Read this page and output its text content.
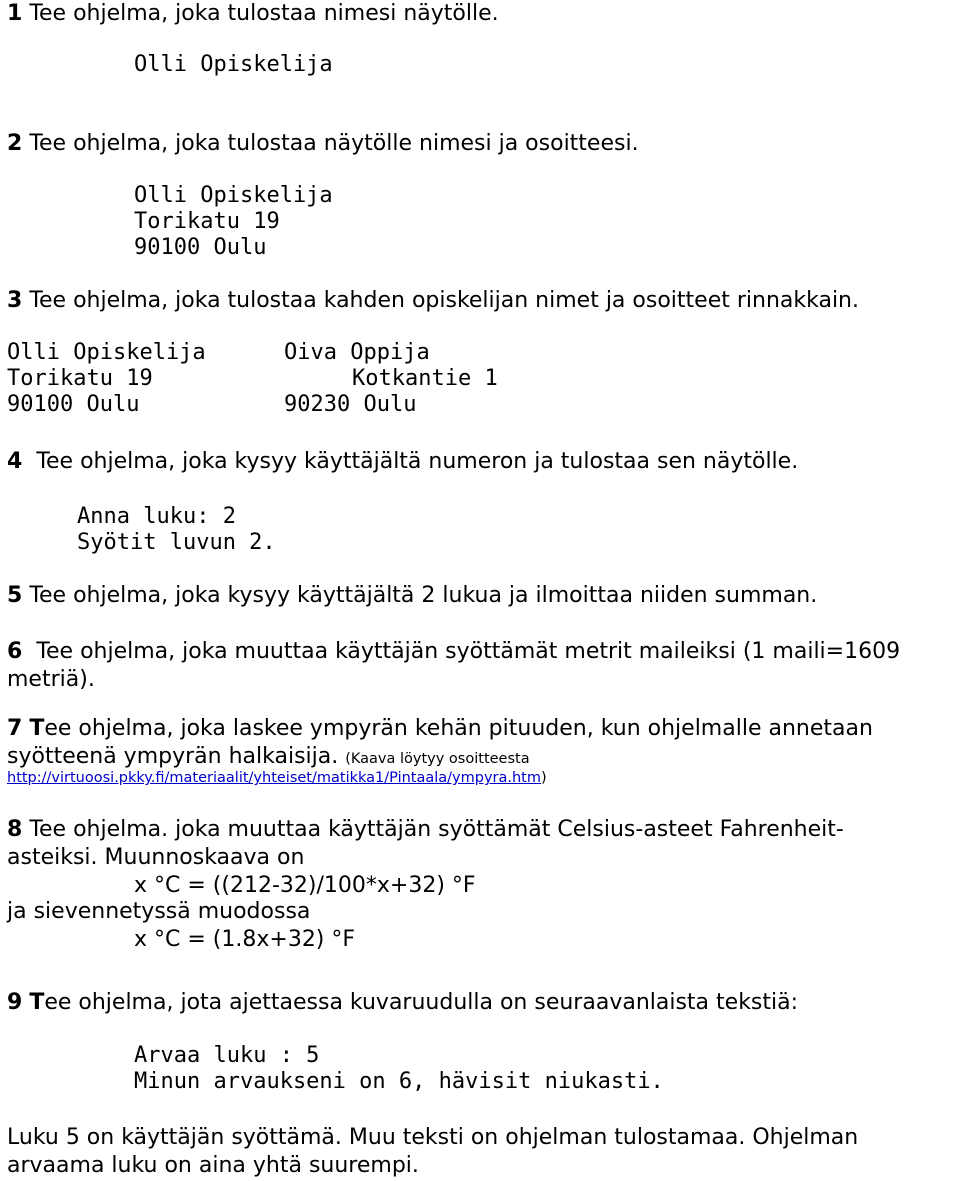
1 Tee ohjelma, joka tulostaa nimesi näytölle.

Olli Opiskelija

2 Tee ohjelma, joka tulostaa näytölle nimesi ja osoitteesi.

Olli Opiskelija

Torikatu 19

90100 Oulu

3 Tee ohjelma, joka tulostaa kahden opiskelijan nimet ja osoitteet rinnakkain.

Olli Opiskelija

Torikatu 19

90100 Oulu

Oiva Oppija

Kotkantie 1

90230 Oulu

4 Tee ohjelma, joka kysyy käyttäjältä numeron ja tulostaa sen näytölle.

Anna luku: 2

Syötit luvun 2.

5 Tee ohjelma, joka kysyy käyttäjältä 2 lukua ja ilmoittaa niiden summan.

6 Tee ohjelma, joka muuttaa käyttäjän syöttämät metrit maileiksi (1 maili=1609

metriä).

7 Tee ohjelma, joka laskee ympyrän kehän pituuden, kun ohjelmalle annetaan

syötteenä ympyrän halkaisija. (Kaava löytyy osoitteesta

http://virtuoosi.pkky.fi/materiaalit/yhteiset/matikka1/Pintaala/ympyra.htm)

8 Tee ohjelma. joka muuttaa käyttäjän syöttämät Celsius-asteet Fahrenheit-

asteiksi. Muunnoskaava on

x °C = ((212-32)/100*x+32) °F

ja sievennetyssä muodossa

x °C = (1.8x+32) °F

9 Tee ohjelma, jota ajettaessa kuvaruudulla on seuraavanlaista tekstiä:

Arvaa luku : 5

Minun arvaukseni on 6, hävisit niukasti.

Luku 5 on käyttäjän syöttämä. Muu teksti on ohjelman tulostamaa. Ohjelman

arvaama luku on aina yhtä suurempi.
